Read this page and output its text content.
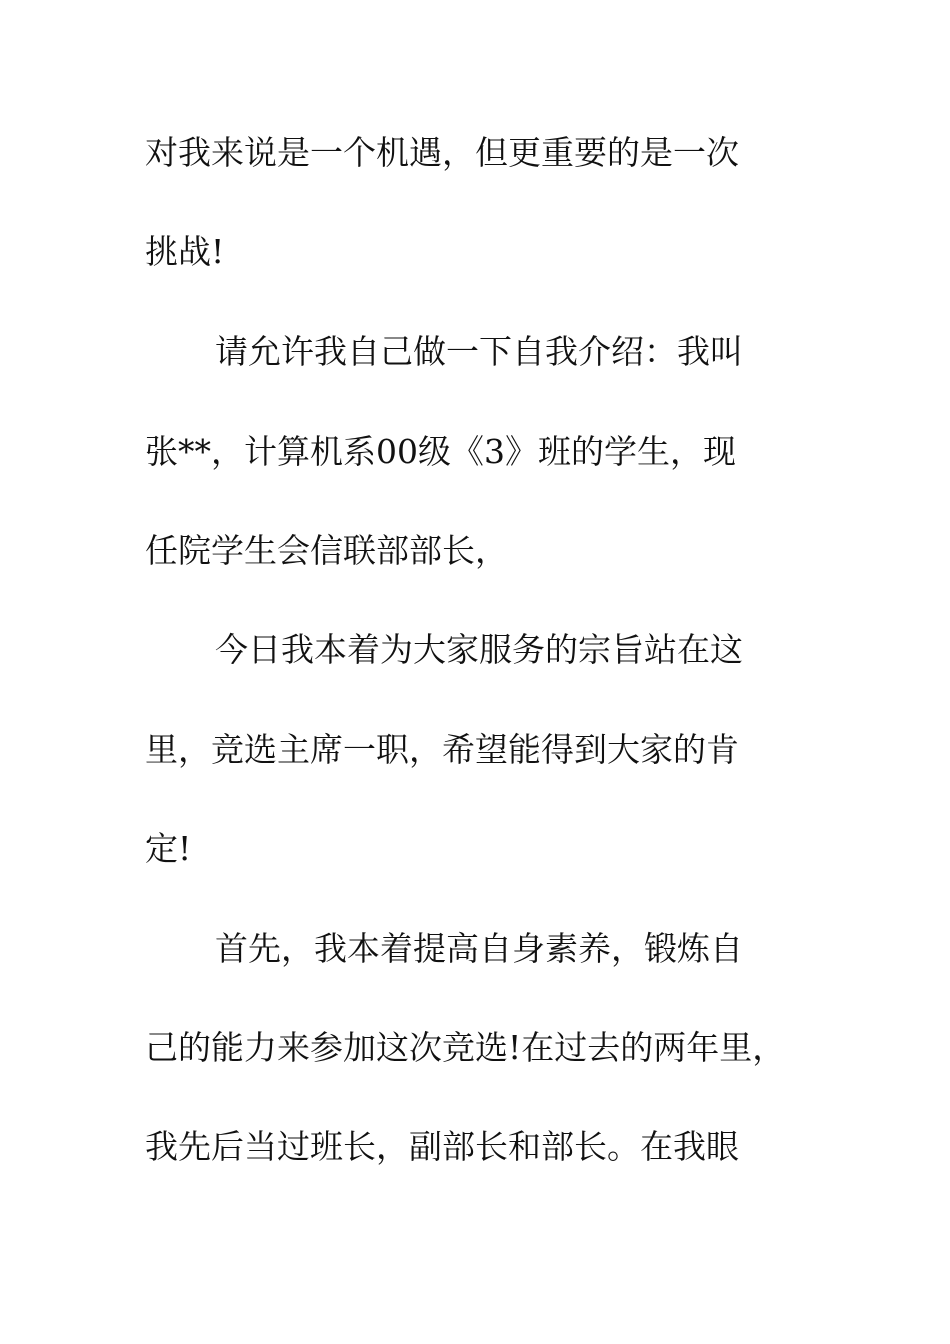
对我来说是一个机遇，但更重要的是一次

挑战!

请允许我自己做一下自我介绍：我叫

张**，计算机系00级《3》班的学生，现

任院学生会信联部部长，

今日我本着为大家服务的宗旨站在这

里，竞选主席一职，希望能得到大家的肯

定!

首先，我本着提高自身素养，锻炼自

己的能力来参加这次竞选!在过去的两年里，

我先后当过班长，副部长和部长。在我眼
